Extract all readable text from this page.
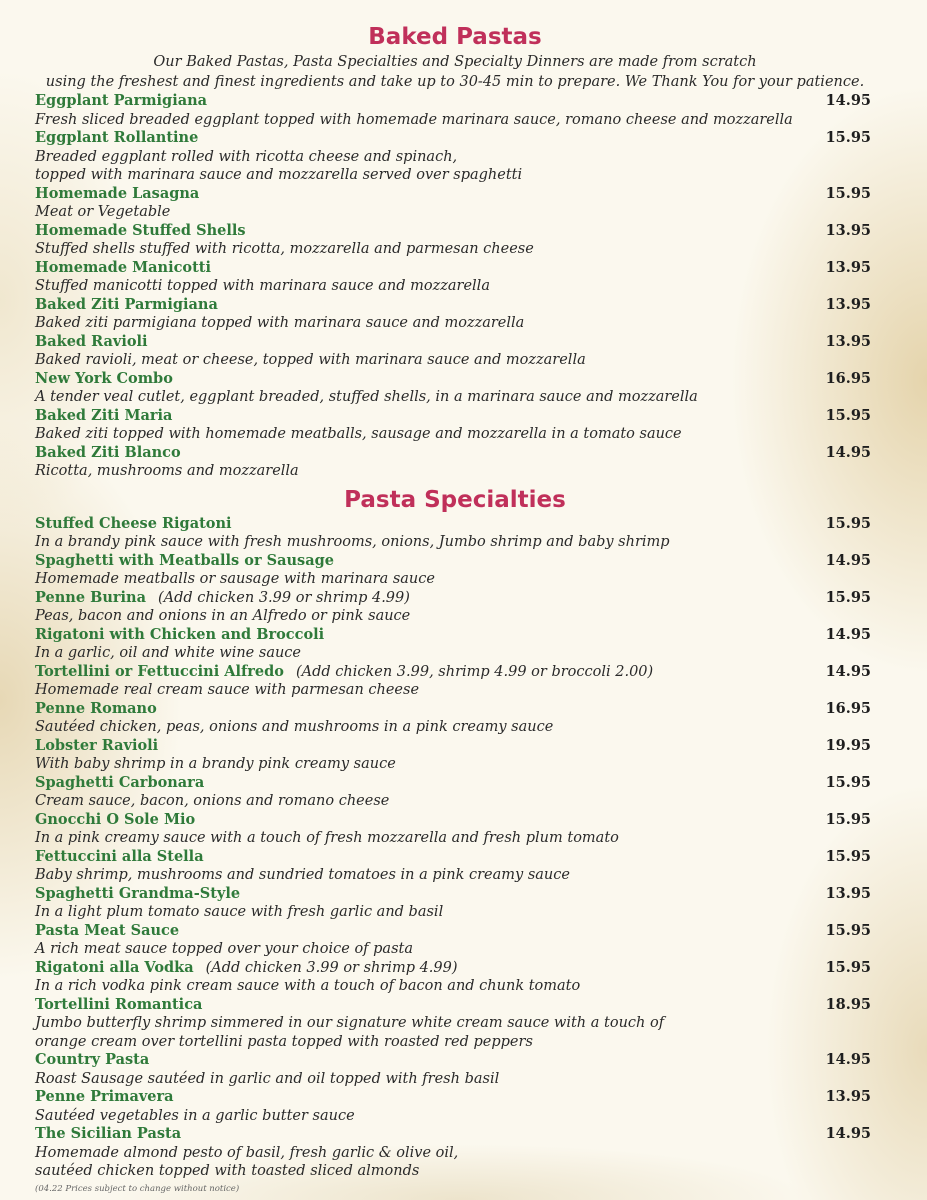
Baked Pastas
Our Baked Pastas, Pasta Specialties and Specialty Dinners are made from scratch
using the freshest and finest ingredients and take up to 30-45 min to prepare. We Thank You for your patience.
Eggplant Parmigiana	14.95
Fresh sliced breaded eggplant topped with homemade marinara sauce, romano cheese and mozzarella
Eggplant Rollantine	15.95
Breaded eggplant rolled with ricotta cheese and spinach,
topped with marinara sauce and mozzarella served over spaghetti
Homemade Lasagna	15.95
Meat or Vegetable
Homemade Stuffed Shells	13.95
Stuffed shells stuffed with ricotta, mozzarella and parmesan cheese
Homemade Manicotti	13.95
Stuffed manicotti topped with marinara sauce and mozzarella
Baked Ziti Parmigiana	13.95
Baked ziti parmigiana topped with marinara sauce and mozzarella
Baked Ravioli	13.95
Baked ravioli, meat or cheese, topped with marinara sauce and mozzarella
New York Combo	16.95
A tender veal cutlet, eggplant breaded, stuffed shells, in a marinara sauce and mozzarella
Baked Ziti Maria	15.95
Baked ziti topped with homemade meatballs, sausage and mozzarella in a tomato sauce
Baked Ziti Blanco	14.95
Ricotta, mushrooms and mozzarella
Pasta Specialties
Stuffed Cheese Rigatoni	15.95
In a brandy pink sauce with fresh mushrooms, onions, Jumbo shrimp and baby shrimp
Spaghetti with Meatballs or Sausage	14.95
Homemade meatballs or sausage with marinara sauce
Penne Burina (Add chicken 3.99 or shrimp 4.99)	15.95
Peas, bacon and onions in an Alfredo or pink sauce
Rigatoni with Chicken and Broccoli	14.95
In a garlic, oil and white wine sauce
Tortellini or Fettuccini Alfredo (Add chicken 3.99, shrimp 4.99 or broccoli 2.00)	14.95
Homemade real cream sauce with parmesan cheese
Penne Romano	16.95
Sautéed chicken, peas, onions and mushrooms in a pink creamy sauce
Lobster Ravioli	19.95
With baby shrimp in a brandy pink creamy sauce
Spaghetti Carbonara	15.95
Cream sauce, bacon, onions and romano cheese
Gnocchi O Sole Mio	15.95
In a pink creamy sauce with a touch of fresh mozzarella and fresh plum tomato
Fettuccini alla Stella	15.95
Baby shrimp, mushrooms and sundried tomatoes in a pink creamy sauce
Spaghetti Grandma-Style	13.95
In a light plum tomato sauce with fresh garlic and basil
Pasta Meat Sauce	15.95
A rich meat sauce topped over your choice of pasta
Rigatoni alla Vodka (Add chicken 3.99 or shrimp 4.99)	15.95
In a rich vodka pink cream sauce with a touch of bacon and chunk tomato
Tortellini Romantica	18.95
Jumbo butterfly shrimp simmered in our signature white cream sauce with a touch of
orange cream over tortellini pasta topped with roasted red peppers
Country Pasta	14.95
Roast Sausage sautéed in garlic and oil topped with fresh basil
Penne Primavera	13.95
Sautéed vegetables in a garlic butter sauce
The Sicilian Pasta	14.95
Homemade almond pesto of basil, fresh garlic & olive oil,
sautéed chicken topped with toasted sliced almonds
(04.22 Prices subject to change without notice)
